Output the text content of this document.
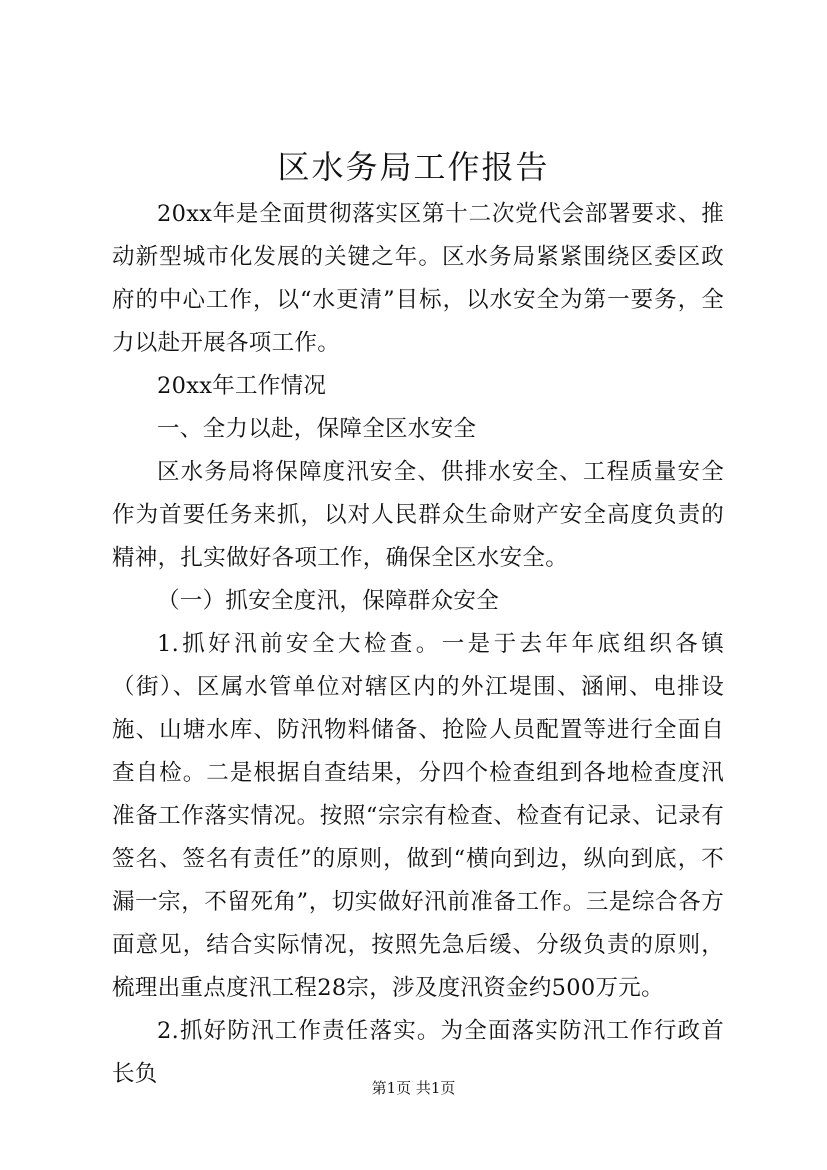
区水务局工作报告

20xx年是全面贯彻落实区第十二次党代会部署要求、推动新型城市化发展的关键之年。区水务局紧紧围绕区委区政府的中心工作，以“水更清”目标，以水安全为第一要务，全力以赴开展各项工作。

20xx年工作情况

一、全力以赴，保障全区水安全

区水务局将保障度汛安全、供排水安全、工程质量安全作为首要任务来抓，以对人民群众生命财产安全高度负责的精神，扎实做好各项工作，确保全区水安全。

（一）抓安全度汛，保障群众安全

1.抓好汛前安全大检查。一是于去年年底组织各镇（街）、区属水管单位对辖区内的外江堤围、涵闸、电排设施、山塘水库、防汛物料储备、抢险人员配置等进行全面自查自检。二是根据自查结果，分四个检查组到各地检查度汛准备工作落实情况。按照“宗宗有检查、检查有记录、记录有签名、签名有责任”的原则，做到“横向到边，纵向到底，不漏一宗，不留死角”，切实做好汛前准备工作。三是综合各方面意见，结合实际情况，按照先急后缓、分级负责的原则，梳理出重点度汛工程28宗，涉及度汛资金约500万元。

2.抓好防汛工作责任落实。为全面落实防汛工作行政首长负

第1页 共1页
